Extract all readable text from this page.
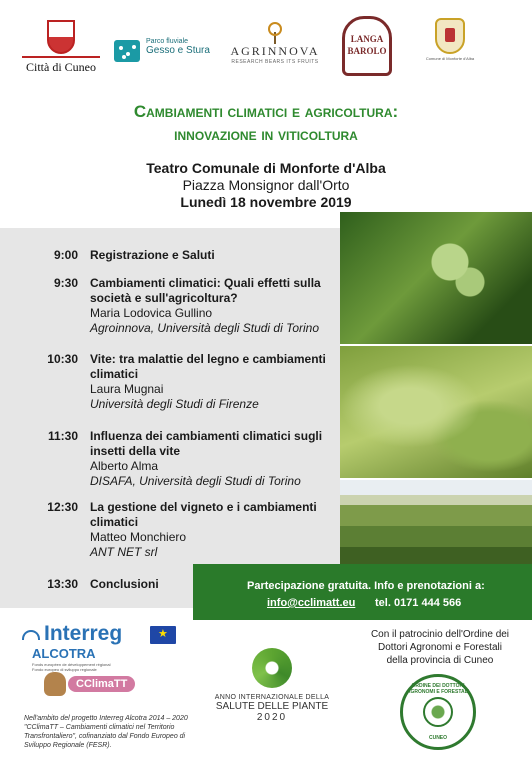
Città di Cuneo
Parco fluviale
Gesso e Stura	AGRINNOVA
RESEARCH BEARS ITS FRUITS
LANGA
BAROLO
Comune di Monforte d'Alba
Cambiamenti climatici e agricoltura:
innovazione in viticoltura
Teatro Comunale di Monforte d'Alba
Piazza Monsignor dall'Orto
Lunedì 18 novembre 2019
9:00 Registrazione e Saluti
9:30 Cambiamenti climatici: Quali effetti sulla società e sull'agricoltura?
Maria Lodovica Gullino
Agroinnova, Università degli Studi di Torino
10:30 Vite: tra malattie del legno e cambiamenti climatici
Laura Mugnai
Università degli Studi di Firenze
11:30 Influenza dei cambiamenti climatici sugli insetti della vite
Alberto Alma
DISAFA, Università degli Studi di Torino
12:30 La gestione del vigneto e i cambiamenti climatici
Matteo Monchiero
ANT NET srl
13:30 Conclusioni	Partecipazione gratuita. Info e prenotazioni a:
info@cclimatt.eu tel. 0171 444 566
Interreg
★
ALCOTRA
Fonds européen de développement régional
Fondo europeo di sviluppo regionale
CClimaTT
Nell'ambito del progetto Interreg Alcotra 2014 – 2020 "CClimaTT – Cambiamenti climatici nel Territorio Transfrontaliero", cofinanziato dal Fondo Europeo di Sviluppo Regionale (FESR).
ANNO INTERNAZIONALE DELLA
SALUTE DELLE PIANTE
2020
Con il patrocinio dell'Ordine dei
Dottori Agronomi e Forestali
della provincia di Cuneo
ORDINE DEI DOTTORI AGRONOMI E FORESTALI
CUNEO
